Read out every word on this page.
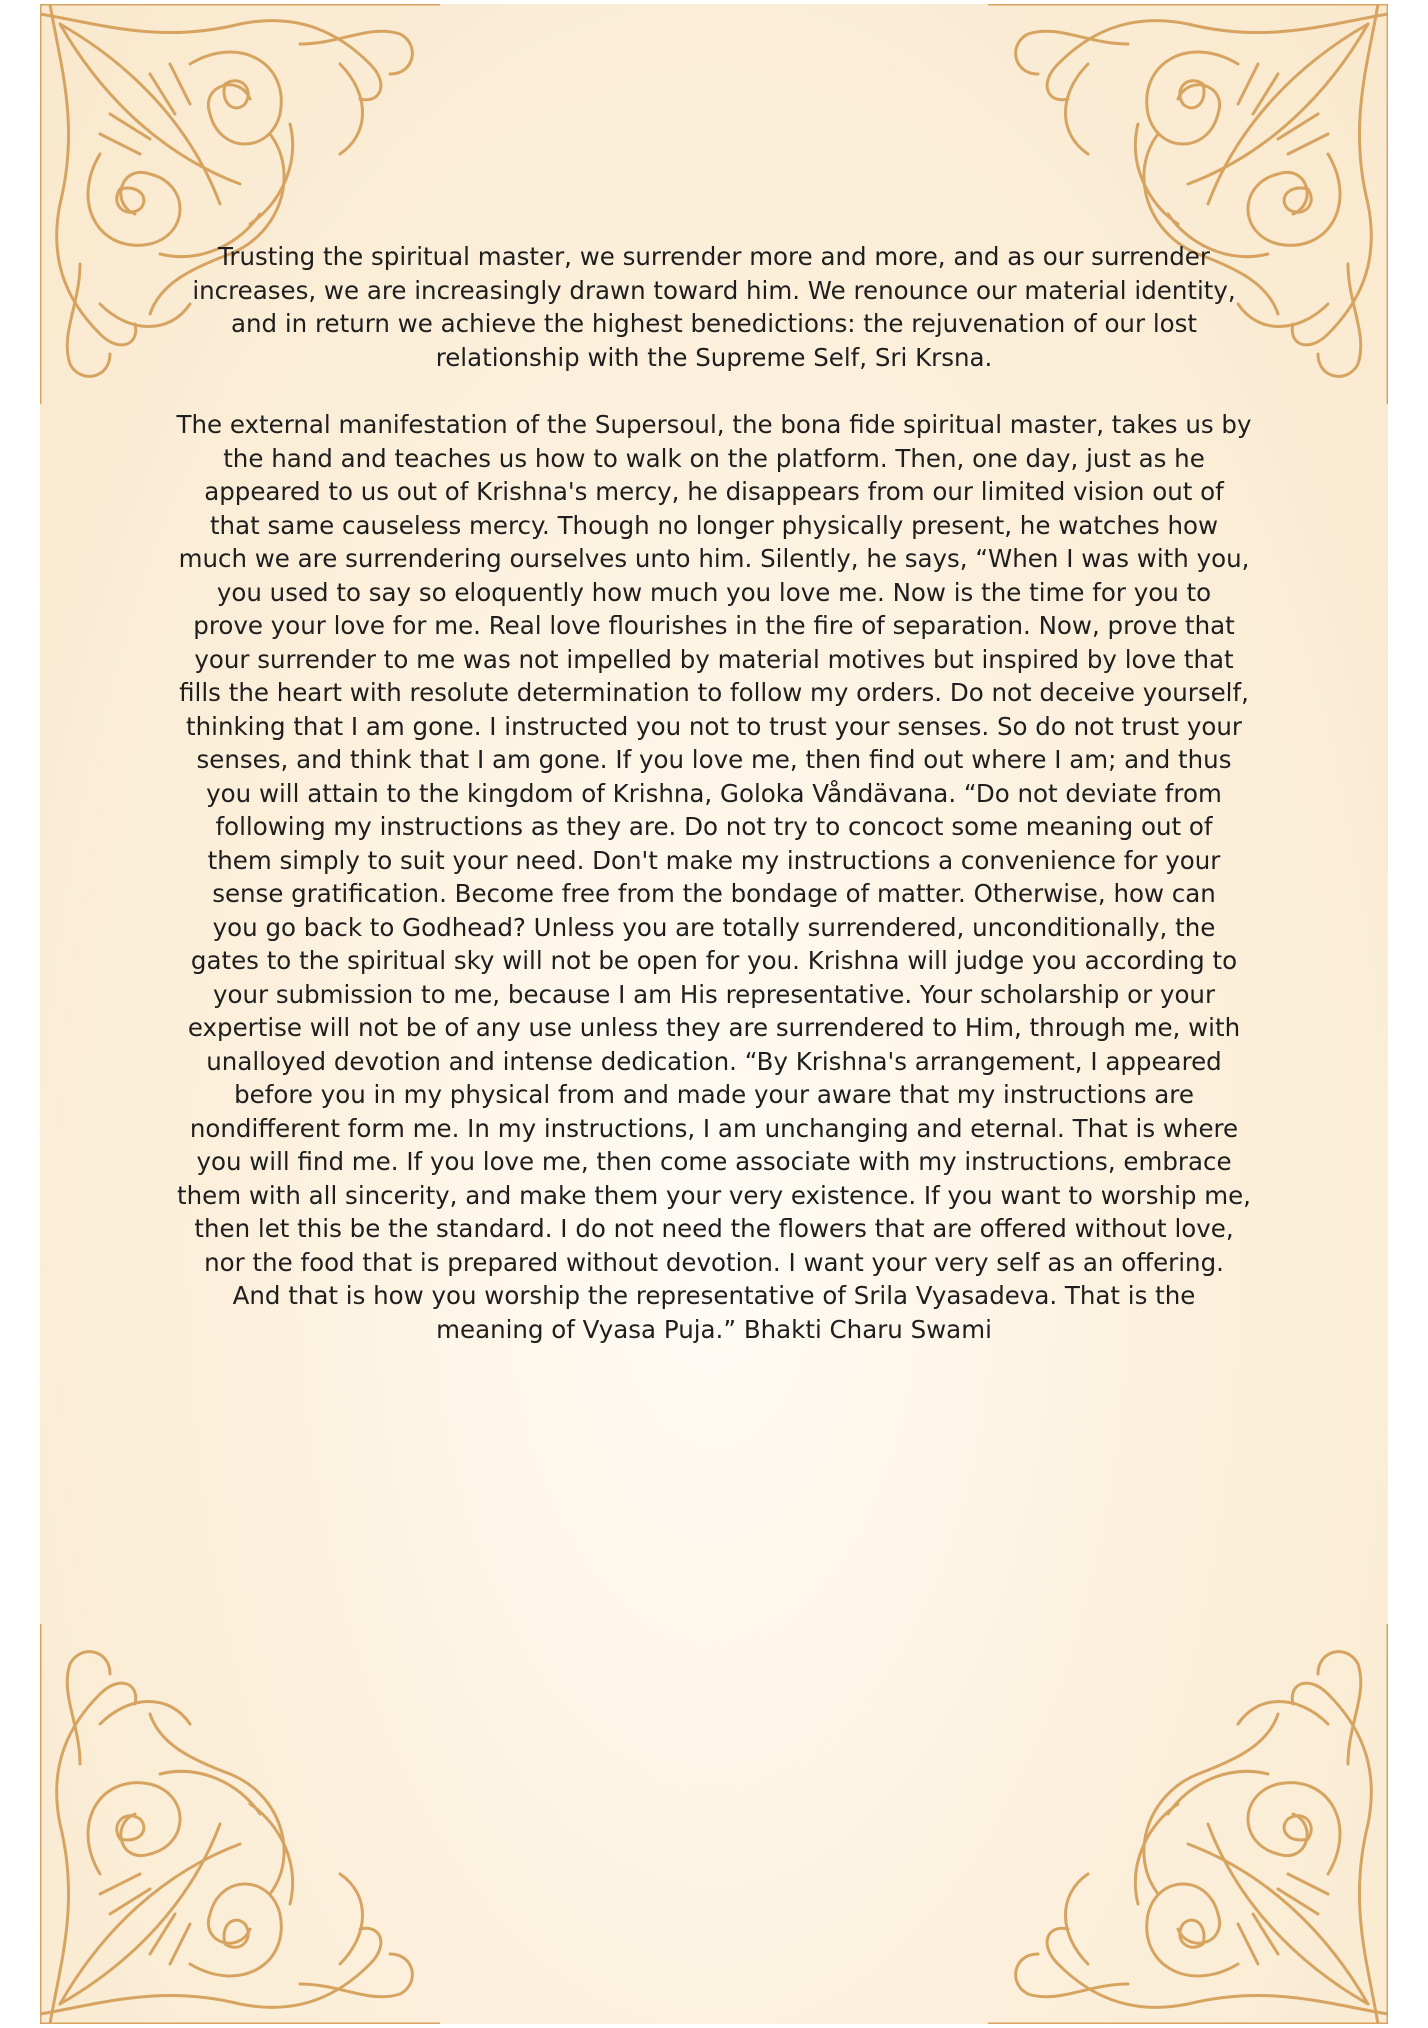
Trusting the spiritual master, we surrender more and more, and as our surrender
increases, we are increasingly drawn toward him. We renounce our material identity,
and in return we achieve the highest benedictions: the rejuvenation of our lost
relationship with the Supreme Self, Sri Krsna.
The external manifestation of the Supersoul, the bona fide spiritual master, takes us by
the hand and teaches us how to walk on the platform. Then, one day, just as he
appeared to us out of Krishna's mercy, he disappears from our limited vision out of
that same causeless mercy. Though no longer physically present, he watches how
much we are surrendering ourselves unto him. Silently, he says, “When I was with you,
you used to say so eloquently how much you love me. Now is the time for you to
prove your love for me. Real love flourishes in the fire of separation. Now, prove that
your surrender to me was not impelled by material motives but inspired by love that
fills the heart with resolute determination to follow my orders. Do not deceive yourself,
thinking that I am gone. I instructed you not to trust your senses. So do not trust your
senses, and think that I am gone. If you love me, then find out where I am; and thus
you will attain to the kingdom of Krishna, Goloka Våndävana. “Do not deviate from
following my instructions as they are. Do not try to concoct some meaning out of
them simply to suit your need. Don't make my instructions a convenience for your
sense gratification. Become free from the bondage of matter. Otherwise, how can
you go back to Godhead? Unless you are totally surrendered, unconditionally, the
gates to the spiritual sky will not be open for you. Krishna will judge you according to
your submission to me, because I am His representative. Your scholarship or your
expertise will not be of any use unless they are surrendered to Him, through me, with
unalloyed devotion and intense dedication. “By Krishna's arrangement, I appeared
before you in my physical from and made your aware that my instructions are
nondifferent form me. In my instructions, I am unchanging and eternal. That is where
you will find me. If you love me, then come associate with my instructions, embrace
them with all sincerity, and make them your very existence. If you want to worship me,
then let this be the standard. I do not need the flowers that are offered without love,
nor the food that is prepared without devotion. I want your very self as an offering.
And that is how you worship the representative of Srila Vyasadeva. That is the
meaning of Vyasa Puja.” Bhakti Charu Swami
